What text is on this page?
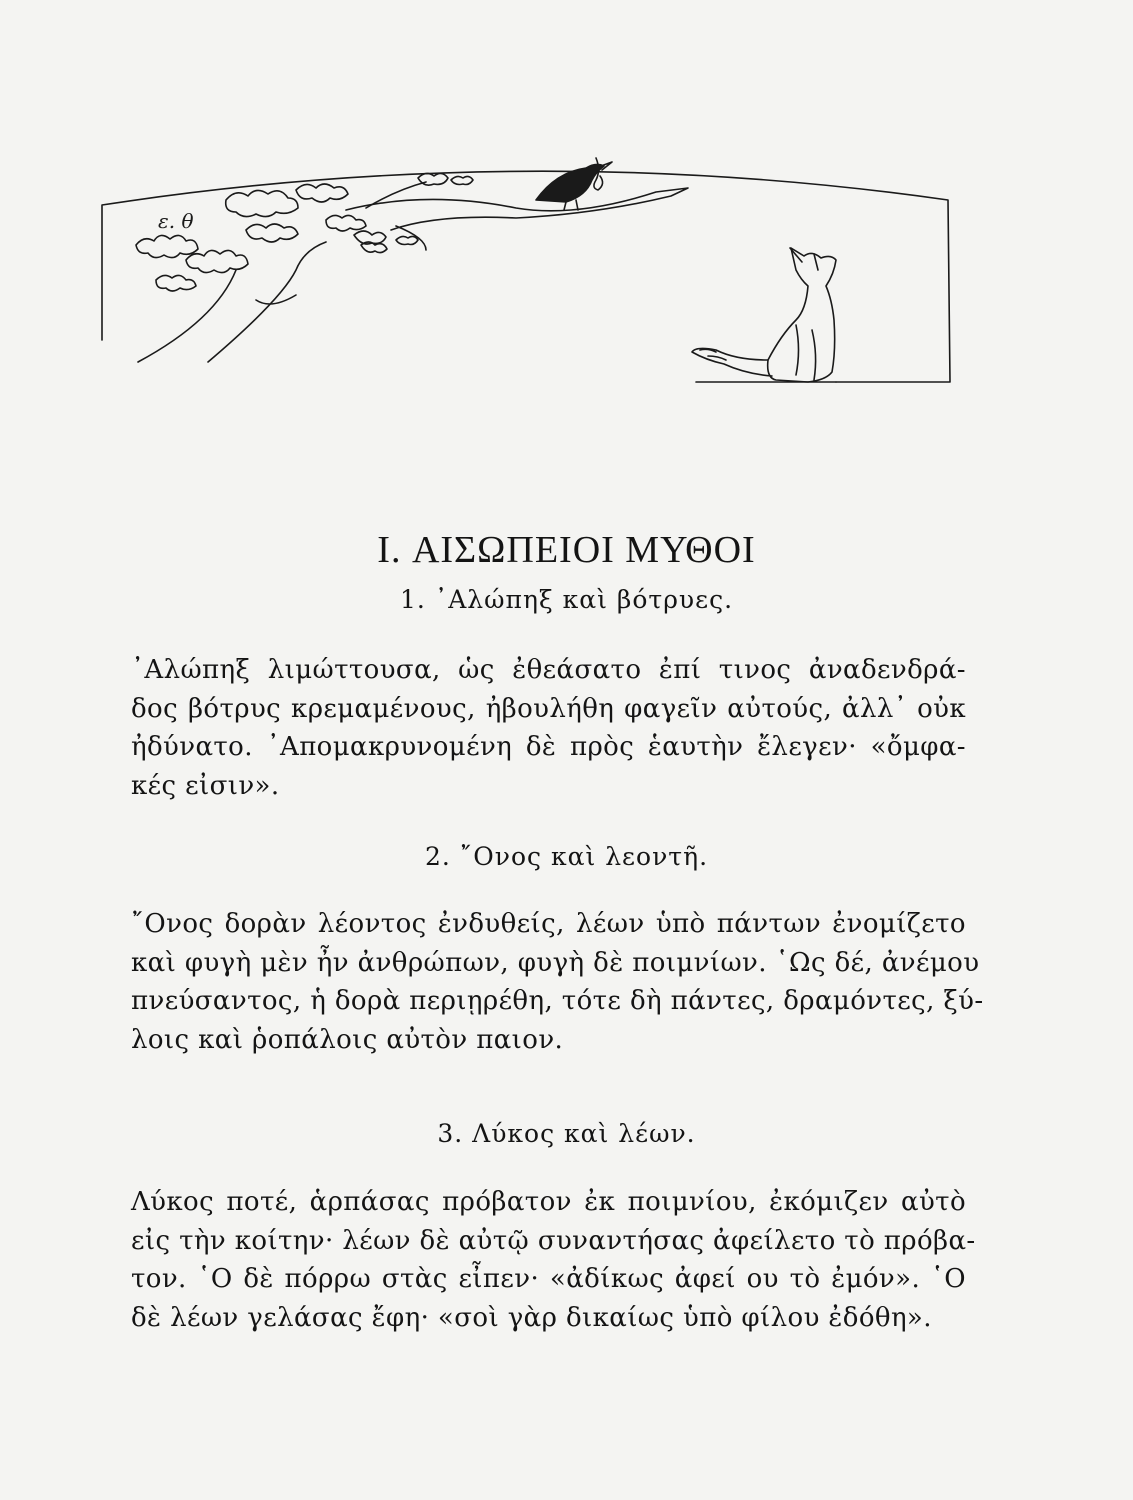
ε. θ
I. ΑΙΣΩΠΕΙΟΙ ΜΥΘΟΙ
1. ᾿Αλώπηξ καὶ βότρυες.
᾿Αλώπηξ λιμώττουσα, ὡς ἐθεάσατο ἐπί τινος ἀναδενδρά-
δος βότρυς κρεμαμένους, ἠβουλήθη φαγεῖν αὐτούς, ἀλλ᾿ οὐκ
ἠδύνατο. ᾿Απομακρυνομένη δὲ πρὸς ἑαυτὴν ἔλεγεν· «ὄμφα-
κές εἰσιν».
2. ῎Ονος καὶ λεοντῆ.
῎Ονος δορὰν λέοντος ἐνδυθείς, λέων ὑπὸ πάντων ἐνομίζετο
καὶ φυγὴ μὲν ἦν ἀνθρώπων, φυγὴ δὲ ποιμνίων. ῾Ως δέ, ἀνέμου
πνεύσαντος, ἡ δορὰ περιῃρέθη, τότε δὴ πάντες, δραμόντες, ξύ-
λοις καὶ ῥοπάλοις αὐτὸν παιον.
3. Λύκος καὶ λέων.
Λύκος ποτέ, ἁρπάσας πρόβατον ἐκ ποιμνίου, ἐκόμιζεν αὐτὸ
εἰς τὴν κοίτην· λέων δὲ αὐτῷ συναντήσας ἀφείλετο τὸ πρόβα-
τον. ῾Ο δὲ πόρρω στὰς εἶπεν· «ἀδίκως ἀφεί ου τὸ ἐμόν». ῾Ο
δὲ λέων γελάσας ἔφη· «σοὶ γὰρ δικαίως ὑπὸ φίλου ἐδόθη».
